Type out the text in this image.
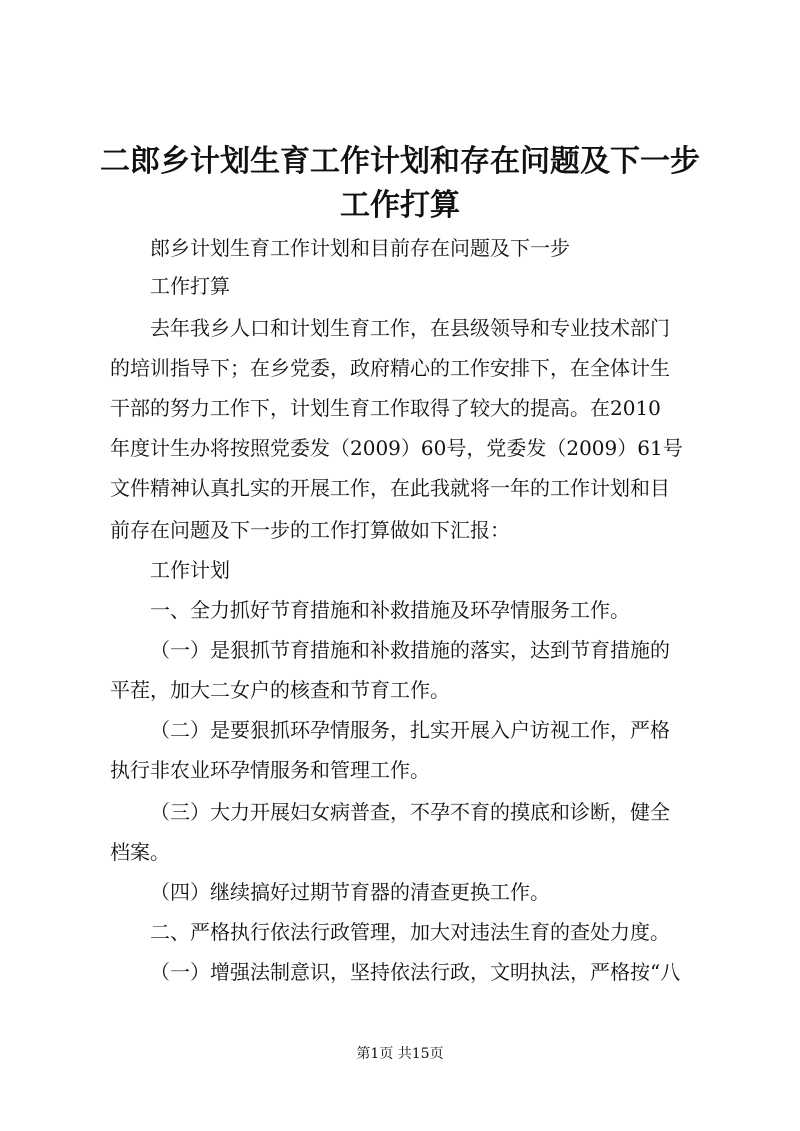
二郎乡计划生育工作计划和存在问题及下一步
工作打算
郎乡计划生育工作计划和目前存在问题及下一步
工作打算
去年我乡人口和计划生育工作，在县级领导和专业技术部门
的培训指导下；在乡党委，政府精心的工作安排下，在全体计生
干部的努力工作下，计划生育工作取得了较大的提高。在2010
年度计生办将按照党委发（2009）60号，党委发（2009）61号
文件精神认真扎实的开展工作，在此我就将一年的工作计划和目
前存在问题及下一步的工作打算做如下汇报：
工作计划
一、全力抓好节育措施和补救措施及环孕情服务工作。
（一）是狠抓节育措施和补救措施的落实，达到节育措施的
平茬，加大二女户的核查和节育工作。
（二）是要狠抓环孕情服务，扎实开展入户访视工作，严格
执行非农业环孕情服务和管理工作。
（三）大力开展妇女病普查，不孕不育的摸底和诊断，健全
档案。
（四）继续搞好过期节育器的清查更换工作。
二、严格执行依法行政管理，加大对违法生育的查处力度。
（一）增强法制意识，坚持依法行政，文明执法，严格按“八
第1页 共15页
